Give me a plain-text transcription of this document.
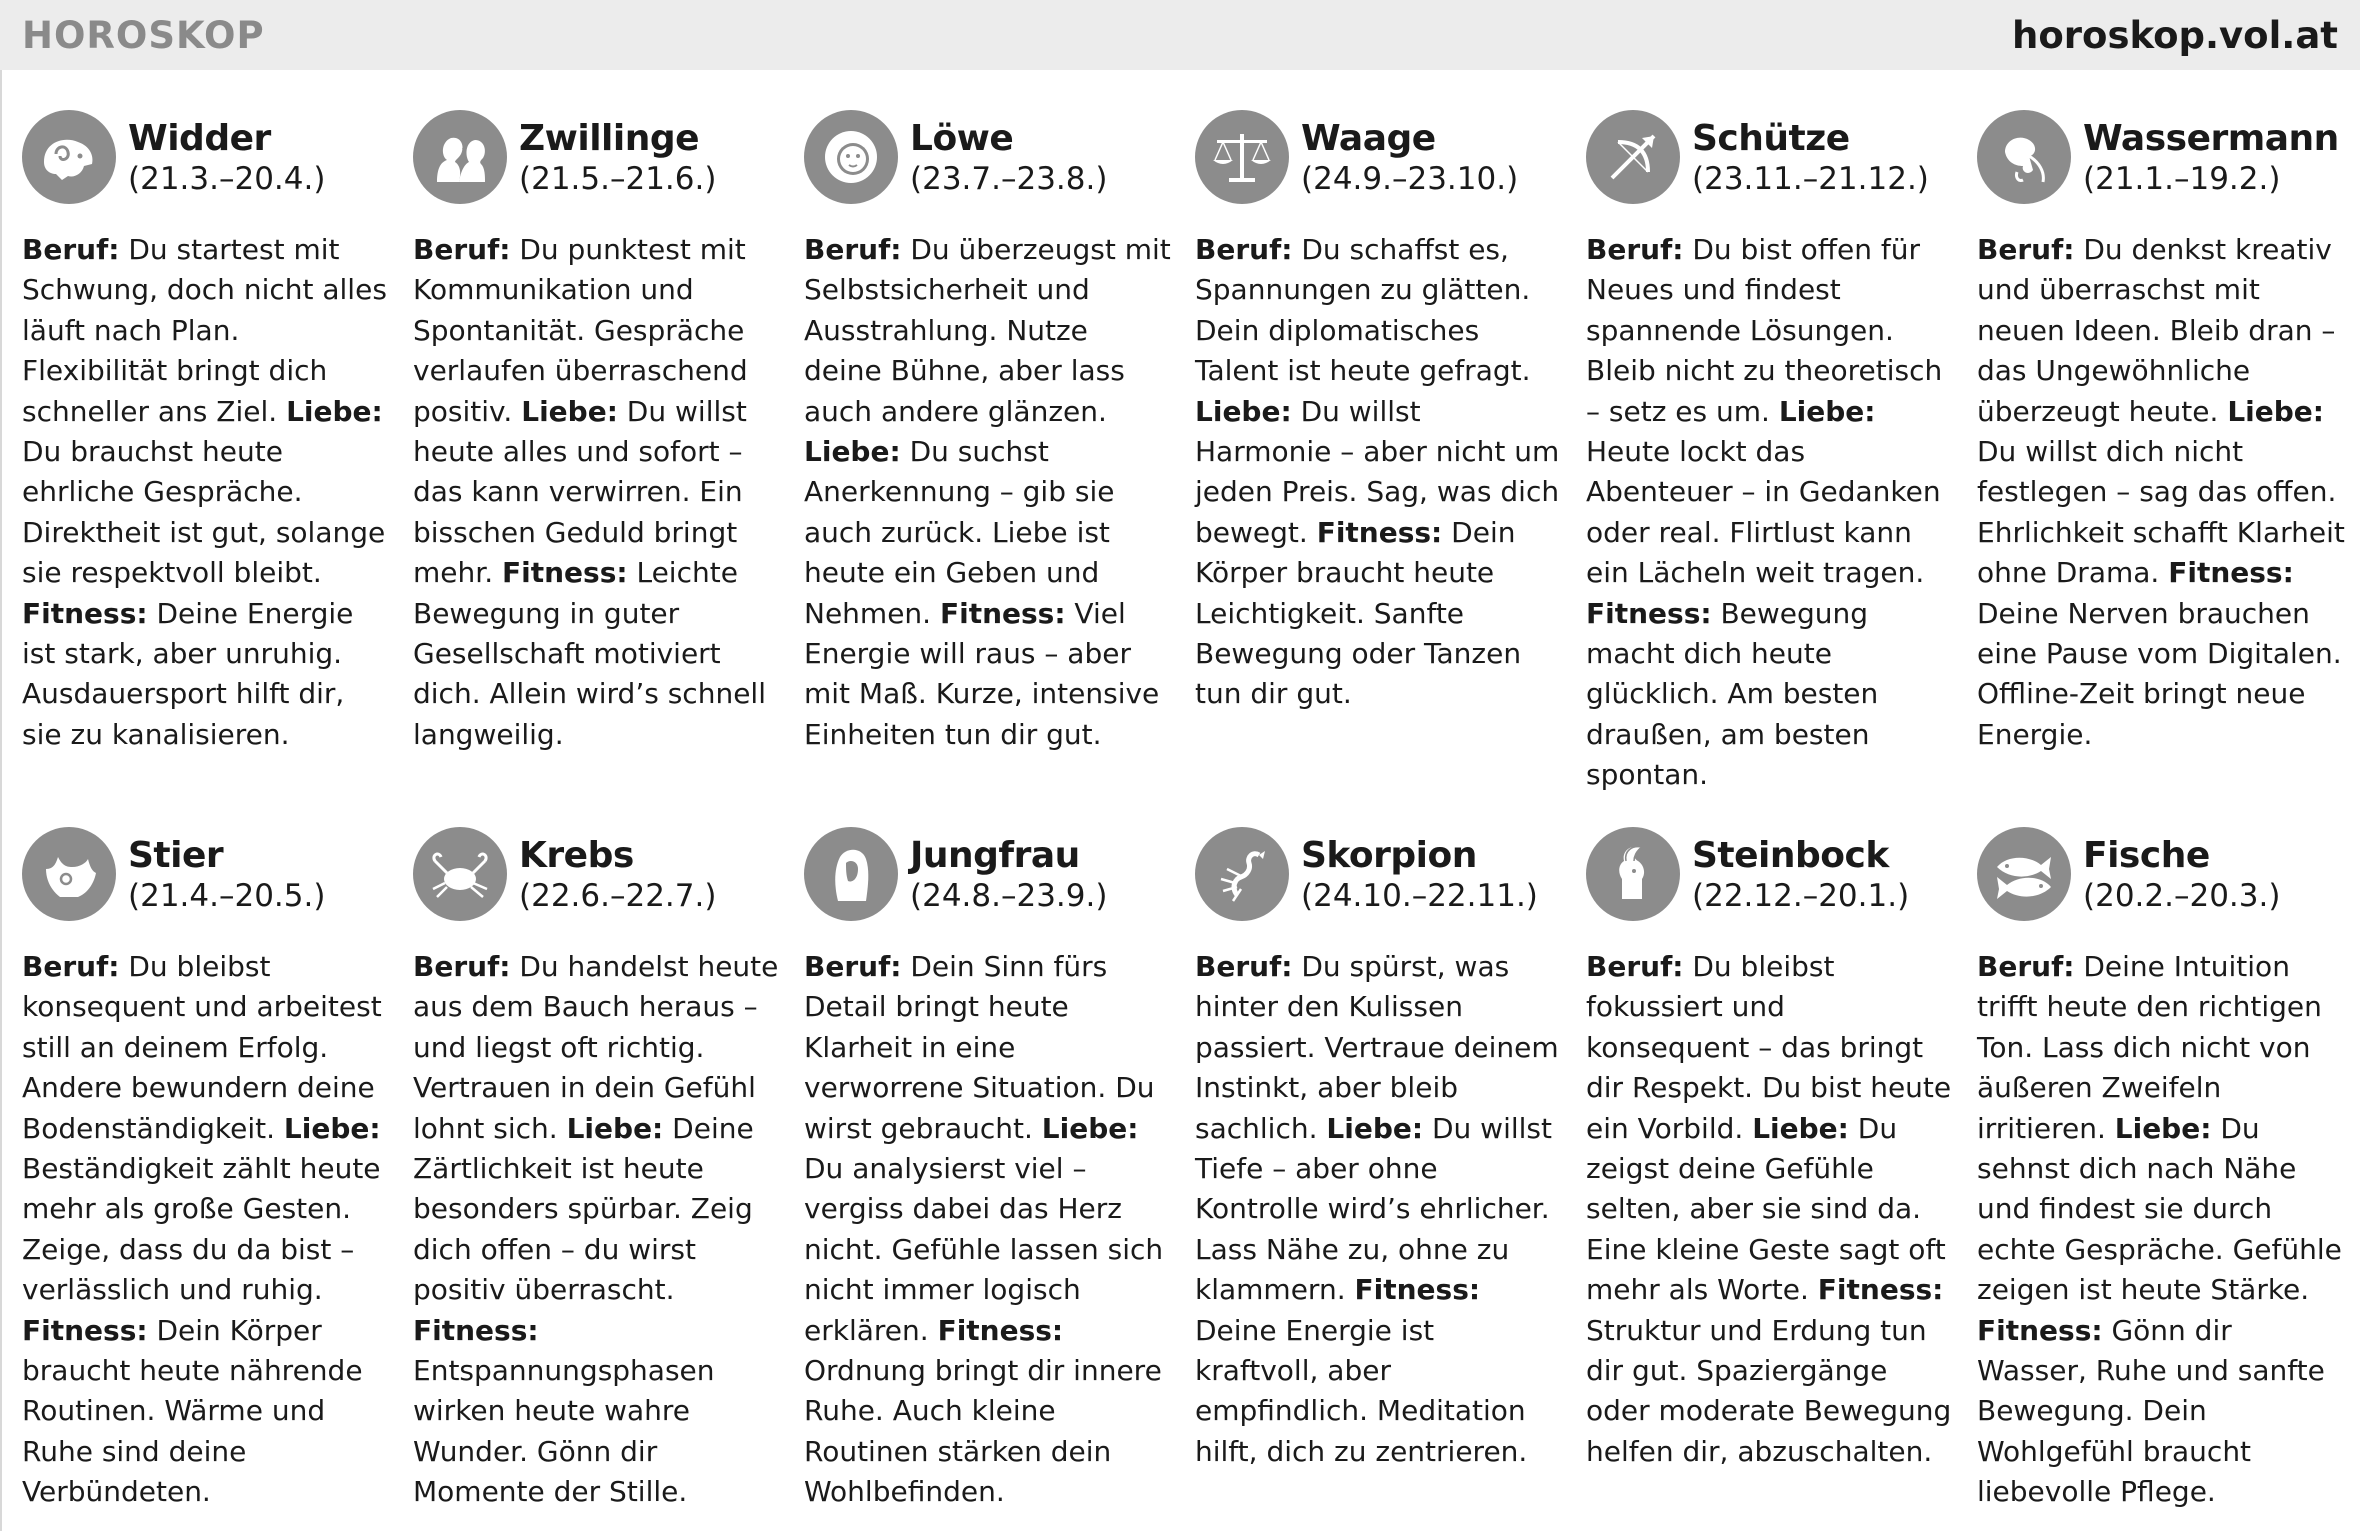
HOROSKOP	horoskop.vol.at
Widder
(21.3.–20.4.)
Beruf: Du startest mit Schwung, doch nicht alles läuft nach Plan. Flexibilität bringt dich schneller ans Ziel. Liebe: Du brauchst heute ehrliche Gespräche. Direktheit ist gut, solange sie respektvoll bleibt. Fitness: Deine Energie ist stark, aber unruhig. Ausdauersport hilft dir, sie zu kanalisieren.
Zwillinge
(21.5.–21.6.)
Beruf: Du punktest mit Kommunikation und Spontanität. Gespräche verlaufen überraschend positiv. Liebe: Du willst heute alles und sofort – das kann verwirren. Ein bisschen Geduld bringt mehr. Fitness: Leichte Bewegung in guter Gesellschaft motiviert dich. Allein wird’s schnell langweilig.
Löwe
(23.7.–23.8.)
Beruf: Du überzeugst mit Selbstsicherheit und Ausstrahlung. Nutze deine Bühne, aber lass auch andere glänzen. Liebe: Du suchst Anerkennung – gib sie auch zurück. Liebe ist heute ein Geben und Nehmen. Fitness: Viel Energie will raus – aber mit Maß. Kurze, intensive Einheiten tun dir gut.
Waage
(24.9.–23.10.)
Beruf: Du schaffst es, Spannungen zu glätten. Dein diplomatisches Talent ist heute gefragt. Liebe: Du willst Harmonie – aber nicht um jeden Preis. Sag, was dich bewegt. Fitness: Dein Körper braucht heute Leichtigkeit. Sanfte Bewegung oder Tanzen tun dir gut.
Schütze
(23.11.–21.12.)
Beruf: Du bist offen für Neues und findest spannende Lösungen. Bleib nicht zu theoretisch – setz es um. Liebe: Heute lockt das Abenteuer – in Gedanken oder real. Flirtlust kann ein Lächeln weit tragen. Fitness: Bewegung macht dich heute glücklich. Am besten draußen, am besten spontan.
Wassermann
(21.1.–19.2.)
Beruf: Du denkst kreativ und überraschst mit neuen Ideen. Bleib dran – das Ungewöhnliche überzeugt heute. Liebe: Du willst dich nicht festlegen – sag das offen. Ehrlichkeit schafft Klarheit ohne Drama. Fitness: Deine Nerven brauchen eine Pause vom Digitalen. Offline-Zeit bringt neue Energie.
Stier
(21.4.–20.5.)
Beruf: Du bleibst konsequent und arbeitest still an deinem Erfolg. Andere bewundern deine Bodenständigkeit. Liebe: Beständigkeit zählt heute mehr als große Gesten. Zeige, dass du da bist – verlässlich und ruhig. Fitness: Dein Körper braucht heute nährende Routinen. Wärme und Ruhe sind deine Verbündeten.
Krebs
(22.6.–22.7.)
Beruf: Du handelst heute aus dem Bauch heraus – und liegst oft richtig. Vertrauen in dein Gefühl lohnt sich. Liebe: Deine Zärtlichkeit ist heute besonders spürbar. Zeig dich offen – du wirst positiv überrascht. Fitness: Entspannungsphasen wirken heute wahre Wunder. Gönn dir Momente der Stille.
Jungfrau
(24.8.–23.9.)
Beruf: Dein Sinn fürs Detail bringt heute Klarheit in eine verworrene Situation. Du wirst gebraucht. Liebe: Du analysierst viel – vergiss dabei das Herz nicht. Gefühle lassen sich nicht immer logisch erklären. Fitness: Ordnung bringt dir innere Ruhe. Auch kleine Routinen stärken dein Wohlbefinden.
Skorpion
(24.10.–22.11.)
Beruf: Du spürst, was hinter den Kulissen passiert. Vertraue deinem Instinkt, aber bleib sachlich. Liebe: Du willst Tiefe – aber ohne Kontrolle wird’s ehrlicher. Lass Nähe zu, ohne zu klammern. Fitness: Deine Energie ist kraftvoll, aber empfindlich. Meditation hilft, dich zu zentrieren.
Steinbock
(22.12.–20.1.)
Beruf: Du bleibst fokussiert und konsequent – das bringt dir Respekt. Du bist heute ein Vorbild. Liebe: Du zeigst deine Gefühle selten, aber sie sind da. Eine kleine Geste sagt oft mehr als Worte. Fitness: Struktur und Erdung tun dir gut. Spaziergänge oder moderate Bewegung helfen dir, abzuschalten.
Fische
(20.2.–20.3.)
Beruf: Deine Intuition trifft heute den richtigen Ton. Lass dich nicht von äußeren Zweifeln irritieren. Liebe: Du sehnst dich nach Nähe und findest sie durch echte Gespräche. Gefühle zeigen ist heute Stärke. Fitness: Gönn dir Wasser, Ruhe und sanfte Bewegung. Dein Wohlgefühl braucht liebevolle Pflege.
